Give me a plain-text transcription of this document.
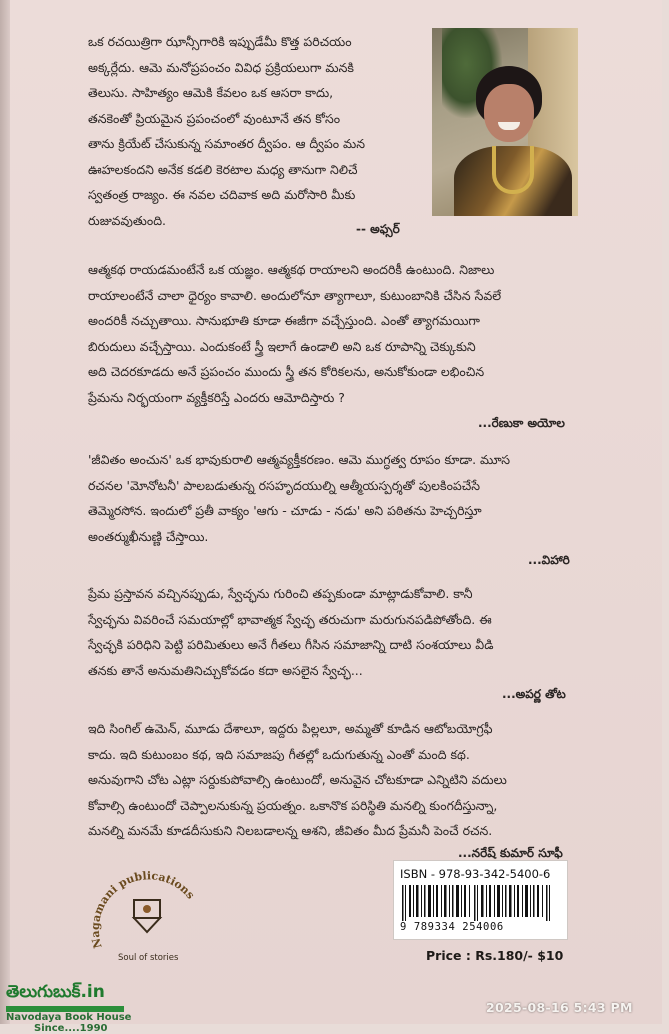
ఒక రచయిత్రిగా ఝాన్సీగారికి ఇప్పుడేమీ కొత్త పరిచయం
అక్కర్లేదు. ఆమె మనోప్రపంచం వివిధ ప్రక్రియలుగా మనకి
తెలుసు. సాహిత్యం ఆమెకి కేవలం ఒక ఆసరా కాదు,
తనకెంతో ప్రియమైన ప్రపంచంలో వుంటూనే తన కోసం
తాను క్రియేట్ చేసుకున్న సమాంతర ద్వీపం. ఆ ద్వీపం మన
ఊహలకందని అనేక కడలి కెరటాల మధ్య తానుగా నిలిచే
స్వతంత్ర రాజ్యం. ఈ నవల చదివాక అది మరోసారి మీకు
రుజువవుతుంది.
-- అఫ్సర్
ఆత్మకథ రాయడమంటేనే ఒక యజ్ఞం. ఆత్మకథ రాయాలని అందరికీ ఉంటుంది. నిజాలు
రాయాలంటేనే చాలా ధైర్యం కావాలి. అందులోనూ త్యాగాలూ, కుటుంబానికి చేసిన సేవలే
అందరికీ నచ్చుతాయి. సానుభూతి కూడా ఈజీగా వచ్చేస్తుంది. ఎంతో త్యాగమయిగా
బిరుదులు వచ్చేస్తాయి. ఎందుకంటే స్త్రీ ఇలాగే ఉండాలి అని ఒక రూపాన్ని చెక్కుకుని
అది చెదరకూడదు అనే ప్రపంచం ముందు స్త్రీ తన కోరికలను, అనుకోకుండా లభించిన
ప్రేమను నిర్భయంగా వ్యక్తీకరిస్తే ఎందరు ఆమోదిస్తారు ?
...రేణుకా అయోల
'జీవితం అంచున' ఒక భావుకురాలి ఆత్మవ్యక్తీకరణం. ఆమె ముగ్ధత్వ రూపం కూడా. మూస
రచనల 'మోనోటనీ' పాలబడుతున్న రసహృదయుల్ని ఆత్మీయస్పర్శతో పులకింపచేసే
తెమ్మెరసోన. ఇందులో ప్రతీ వాక్యం 'ఆగు - చూడు - నడు' అని పఠితను హెచ్చరిస్తూ
అంతర్ముఖీనుణ్ణి చేస్తాయి.
...విహారి
ప్రేమ ప్రస్తావన వచ్చినప్పుడు, స్వేచ్ఛను గురించి తప్పకుండా మాట్లాడుకోవాలి. కానీ
స్వేచ్ఛను వివరించే సమయాల్లో భావాత్మక స్వేచ్ఛ తరుచుగా మరుగునపడిపోతోంది. ఈ
స్వేచ్ఛకి పరిధిని పెట్టి పరిమితులు అనే గీతలు గీసిన సమాజాన్ని దాటి సంశయాలు వీడి
తనకు తానే అనుమతినిచ్చుకోవడం కదా అసలైన స్వేచ్ఛ...
...అపర్ణ తోట
ఇది సింగిల్ ఉమెన్, మూడు దేశాలూ, ఇద్దరు పిల్లలూ, అమ్మతో కూడిన ఆటోబయోగ్రఫీ
కాదు. ఇది కుటుంబం కథ, ఇది సమాజపు గీతల్లో ఒదుగుతున్న ఎంతో మంది కథ.
అనువుగాని చోట ఎట్లా సర్దుకుపోవాల్సి ఉంటుందో, అనువైన చోటకూడా ఎన్నిటిని వదులు
కోవాల్సి ఉంటుందో చెప్పాలనుకున్న ప్రయత్నం. ఒకానొక పరిస్థితి మనల్ని కుంగదీస్తున్నా,
మనల్ని మనమే కూడదీసుకుని నిలబడాలన్న ఆశని, జీవితం మీద ప్రేమనీ పెంచే రచన.
...నరేష్ కుమార్ సూఫీ
Nagamani publications
Soul of stories
ISBN - 978-93-342-5400-6
9 789334 254006
Price : Rs.180/- $10
తెలుగుబుక్.in
Navodaya Book House
Since....1990
2025-08-16 5:43 PM
